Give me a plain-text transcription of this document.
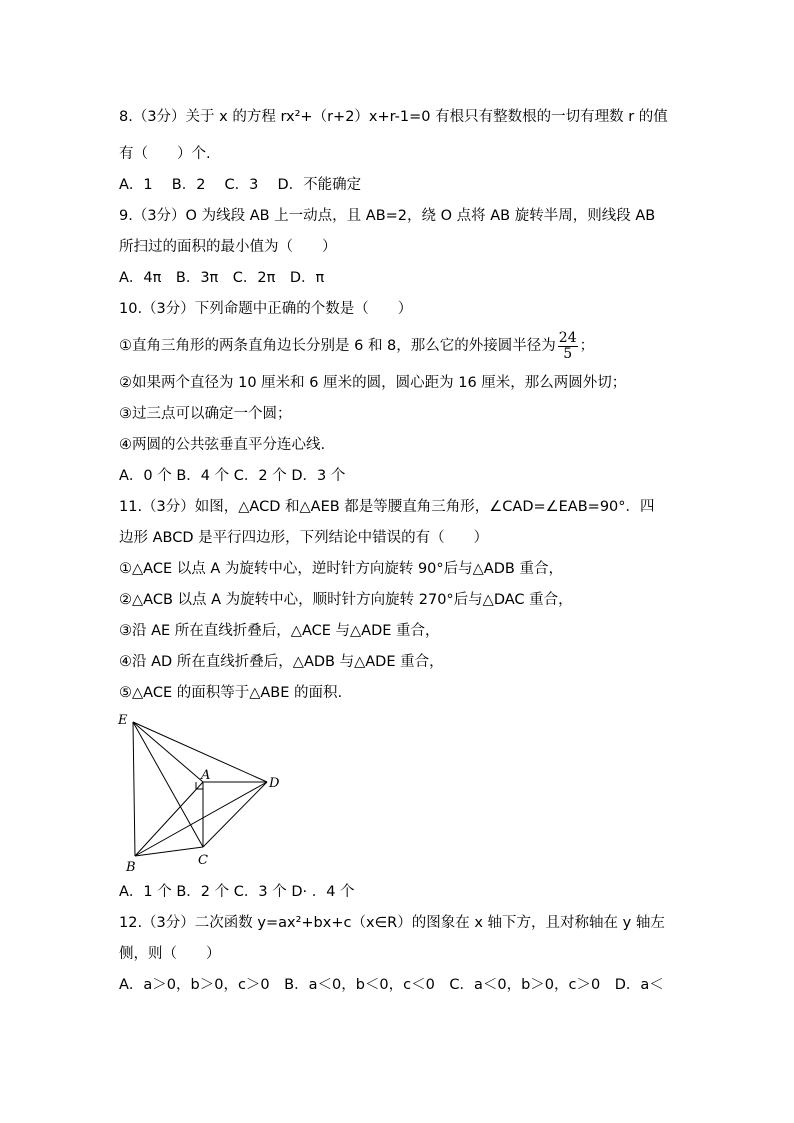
8.（3分）关于 x 的方程 rx²+（r+2）x+r-1=0 有根只有整数根的一切有理数 r 的值
有（　　）个.
A．1　 B．2　 C．3　 D．不能确定
9.（3分）O 为线段 AB 上一动点，且 AB=2，绕 O 点将 AB 旋转半周，则线段 AB
所扫过的面积的最小值为（　　）
A．4π　B．3π　C．2π　D．π
10.（3分）下列命题中正确的个数是（　　）
①直角三角形的两条直角边长分别是 6 和 8，那么它的外接圆半径为 $\frac{24}{5}$ ；
②如果两个直径为 10 厘米和 6 厘米的圆，圆心距为 16 厘米，那么两圆外切；
③过三点可以确定一个圆；
④两圆的公共弦垂直平分连心线.
A．0 个 B．4 个 C．2 个 D．3 个
11.（3分）如图，△ACD 和△AEB 都是等腰直角三角形，∠CAD=∠EAB=90°．四
边形 ABCD 是平行四边形，下列结论中错误的有（　　）
①△ACE 以点 A 为旋转中心，逆时针方向旋转 90°后与△ADB 重合，
②△ACB 以点 A 为旋转中心，顺时针方向旋转 270°后与△DAC 重合，
③沿 AE 所在直线折叠后，△ACE 与△ADE 重合，
④沿 AD 所在直线折叠后，△ADB 与△ADE 重合，
⑤△ACE 的面积等于△ABE 的面积.
E
A
D
B	C
A．1 个 B．2 个 C．3 个 D· ．4 个
12.（3分）二次函数 y=ax²+bx+c（x∈R）的图象在 x 轴下方，且对称轴在 y 轴左
侧，则（　　）
A．a＞0，b＞0，c＞0　B．a＜0，b＜0，c＜0　C．a＜0，b＞0，c＞0　D．a＜
